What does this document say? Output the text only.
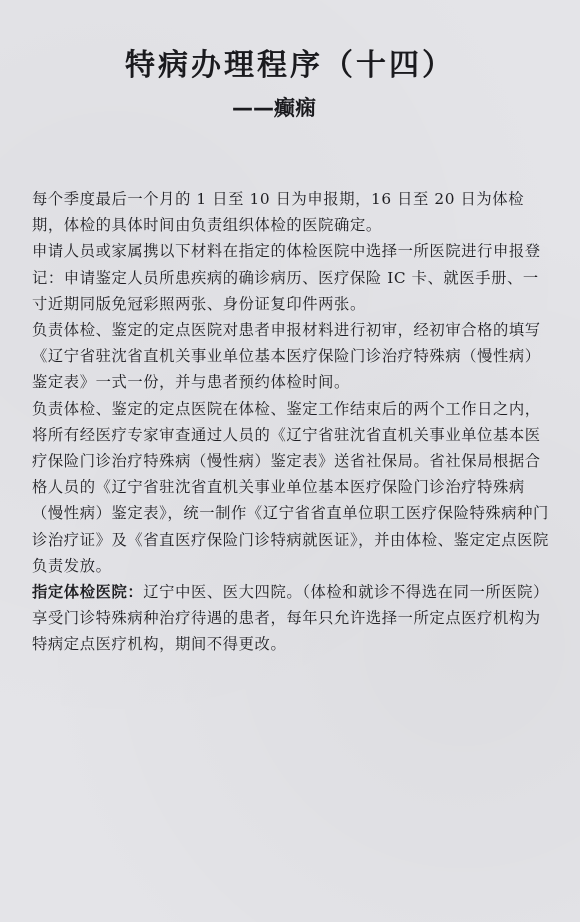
特病办理程序（十四）
——癫痫
每个季度最后一个月的 1 日至 10 日为申报期，16 日至 20 日为体检期，体检的具体时间由负责组织体检的医院确定。
申请人员或家属携以下材料在指定的体检医院中选择一所医院进行申报登记：申请鉴定人员所患疾病的确诊病历、医疗保险 IC 卡、就医手册、一寸近期同版免冠彩照两张、身份证复印件两张。
负责体检、鉴定的定点医院对患者申报材料进行初审，经初审合格的填写《辽宁省驻沈省直机关事业单位基本医疗保险门诊治疗特殊病（慢性病）鉴定表》一式一份，并与患者预约体检时间。
负责体检、鉴定的定点医院在体检、鉴定工作结束后的两个工作日之内，将所有经医疗专家审查通过人员的《辽宁省驻沈省直机关事业单位基本医疗保险门诊治疗特殊病（慢性病）鉴定表》送省社保局。省社保局根据合格人员的《辽宁省驻沈省直机关事业单位基本医疗保险门诊治疗特殊病（慢性病）鉴定表》，统一制作《辽宁省省直单位职工医疗保险特殊病种门诊治疗证》及《省直医疗保险门诊特病就医证》，并由体检、鉴定定点医院负责发放。
指定体检医院：辽宁中医、医大四院。（体检和就诊不得选在同一所医院）
享受门诊特殊病种治疗待遇的患者，每年只允许选择一所定点医疗机构为特病定点医疗机构，期间不得更改。
